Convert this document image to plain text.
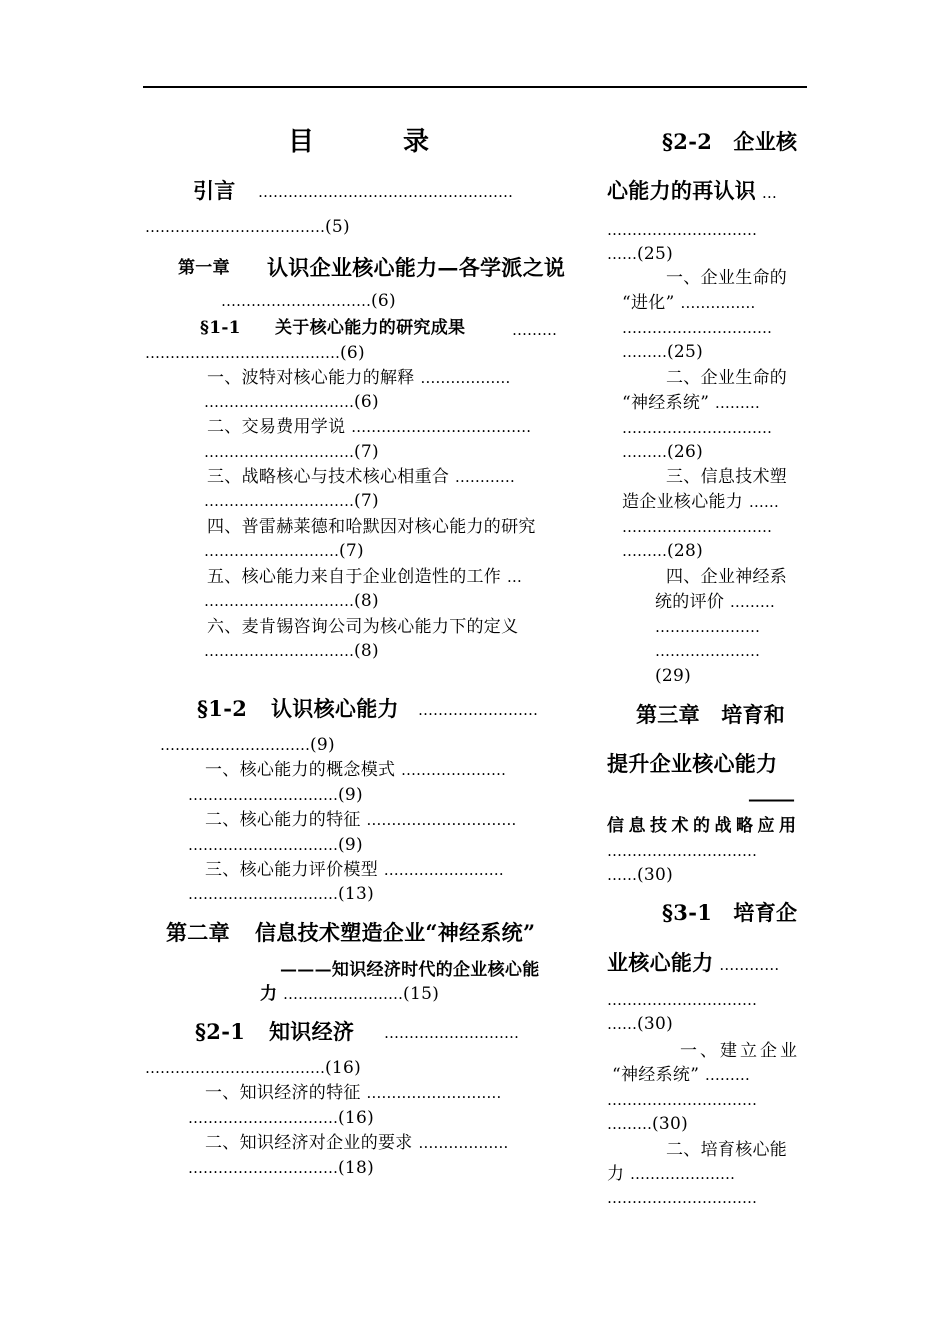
目	录
引言 ……………………………………………
………………………………(5)
第一章 认识企业核心能力—各学派之说
…………………………(6)
§1-1 关于核心能力的研究成果	………
…………………………………(6)
一、波特对核心能力的解释 ………………
…………………………(6)
二、交易费用学说 ………………………………
…………………………(7)
三、战略核心与技术核心相重合 …………
…………………………(7)
四、普雷赫莱德和哈默因对核心能力的研究
………………………(7)
五、核心能力来自于企业创造性的工作 …
…………………………(8)
六、麦肯锡咨询公司为核心能力下的定义
…………………………(8)
§1-2 认识核心能力 ……………………
…………………………(9)
一、核心能力的概念模式 …………………
…………………………(9)
二、核心能力的特征 …………………………
…………………………(9)
三、核心能力评价模型 ……………………
…………………………(13)
第二章 信息技术塑造企业“神经系统”
———知识经济时代的企业核心能
力 ……………………(15)
§2-1 知识经济 ………………………
………………………………(16)
一、知识经济的特征 ………………………
…………………………(16)
二、知识经济对企业的要求 ………………
…………………………(18)
§2-2　企业核
心能力的再认识 …
…………………………
……(25)
一、企业生命的
“进化” ……………
…………………………
………(25)
二、企业生命的
“神经系统” ………
…………………………
………(26)
三、信息技术塑
造企业核心能力 ……
…………………………
………(28)
四、企业神经系
统的评价 ………
…………………
…………………
(29)
第三章　培育和
提升企业核心能力
———
信息技术的战略应用
…………………………
……(30)
§3-1　培育企
业核心能力 …………
…………………………
……(30)
一、建立企业
“神经系统” ………
…………………………
………(30)
二、培育核心能
力 …………………
…………………………
